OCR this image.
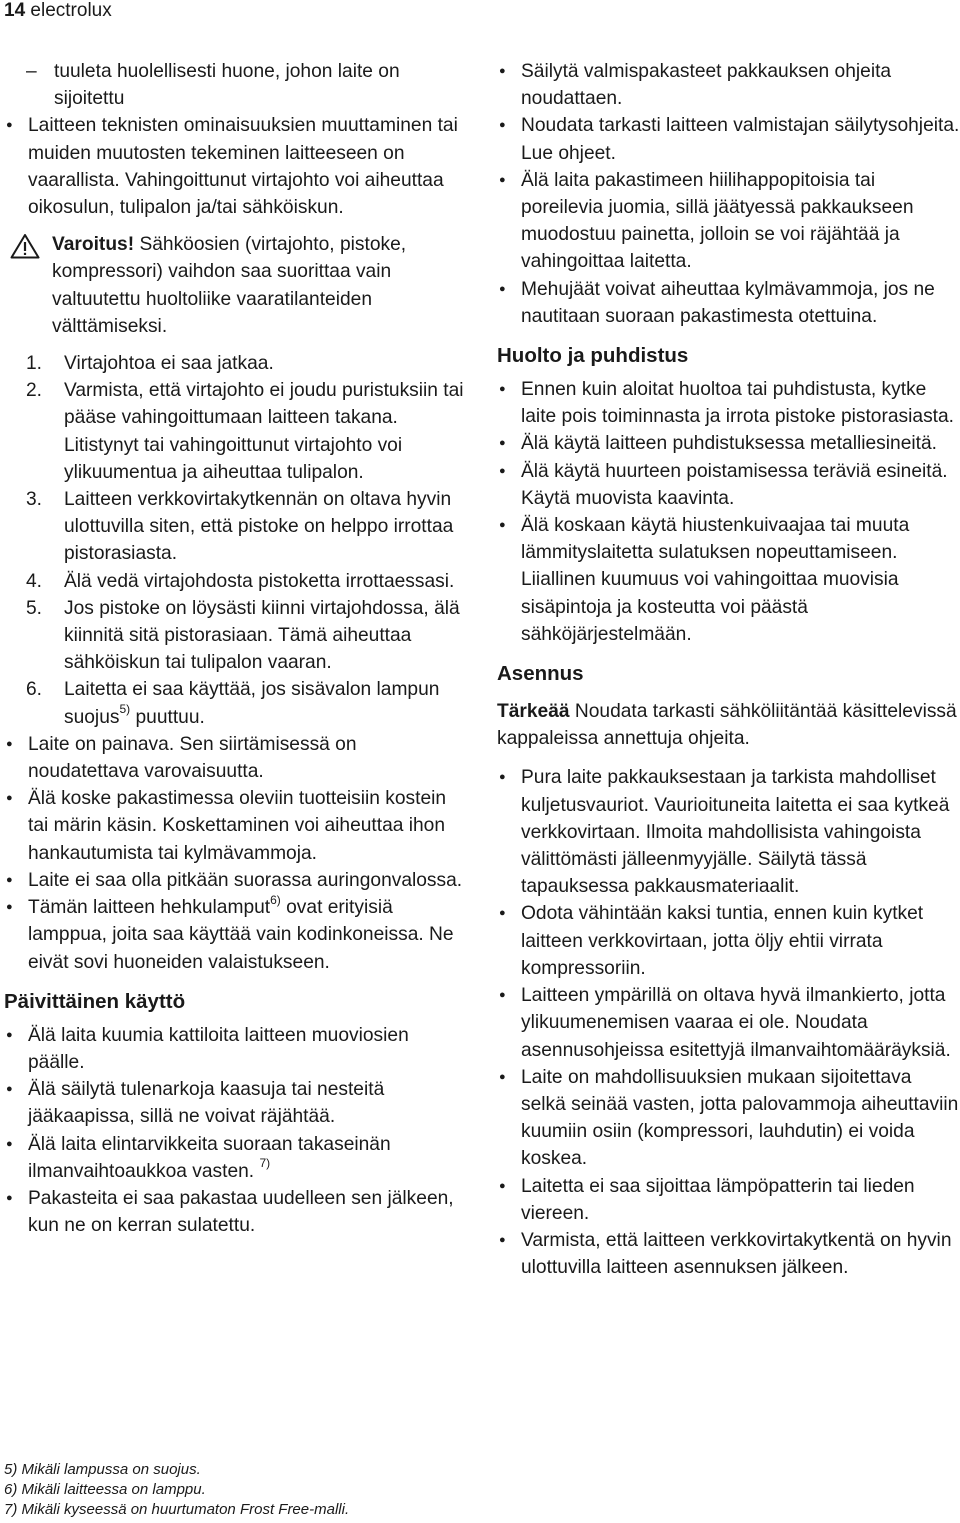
14 electrolux
– tuuleta huolellisesti huone, johon laite on sijoitettu
Laitteen teknisten ominaisuuksien muuttaminen tai muiden muutosten tekeminen laitteeseen on vaarallista. Vahingoittunut virtajohto voi aiheuttaa oikosulun, tulipalon ja/tai sähköiskun.
Varoitus! Sähköosien (virtajohto, pistoke, kompressori) vaihdon saa suorittaa vain valtuutettu huoltoliike vaaratilanteiden välttämiseksi.
1. Virtajohtoa ei saa jatkaa.
2. Varmista, että virtajohto ei joudu puristuksiin tai pääse vahingoittumaan laitteen takana. Litistynyt tai vahingoittunut virtajohto voi ylikuumentua ja aiheuttaa tulipalon.
3. Laitteen verkkovirtakytkennän on oltava hyvin ulottuvilla siten, että pistoke on helppo irrottaa pistorasiasta.
4. Älä vedä virtajohdosta pistoketta irrottaessasi.
5. Jos pistoke on löysästi kiinni virtajohdossa, älä kiinnitä sitä pistorasiaan. Tämä aiheuttaa sähköiskun tai tulipalon vaaran.
6. Laitetta ei saa käyttää, jos sisävalon lampun suojus$^{5)}$ puuttuu.
Laite on painava. Sen siirtämisessä on noudatettava varovaisuutta.
Älä koske pakastimessa oleviin tuotteisiin kostein tai märin käsin. Koskettaminen voi aiheuttaa ihon hankautumista tai kylmävammoja.
Laite ei saa olla pitkään suorassa auringonvalossa.
Tämän laitteen hehkulamput$^{6)}$ ovat erityisiä lamppua, joita saa käyttää vain kodinkoneissa. Ne eivät sovi huoneiden valaistukseen.
Päivittäinen käyttö
Älä laita kuumia kattiloita laitteen muoviosien päälle.
Älä säilytä tulenarkoja kaasuja tai nesteitä jääkaapissa, sillä ne voivat räjähtää.
Älä laita elintarvikkeita suoraan takaseinän ilmanvaihtoaukkoa vasten. $^{7)}$
Pakasteita ei saa pakastaa uudelleen sen jälkeen, kun ne on kerran sulatettu.
Säilytä valmispakasteet pakkauksen ohjeita noudattaen.
Noudata tarkasti laitteen valmistajan säilytysohjeita. Lue ohjeet.
Älä laita pakastimeen hiilihappopitoisia tai poreilevia juomia, sillä jäätyessä pakkaukseen muodostuu painetta, jolloin se voi räjähtää ja vahingoittaa laitetta.
Mehujäät voivat aiheuttaa kylmävammoja, jos ne nautitaan suoraan pakastimesta otettuina.
Huolto ja puhdistus
Ennen kuin aloitat huoltoa tai puhdistusta, kytke laite pois toiminnasta ja irrota pistoke pistorasiasta.
Älä käytä laitteen puhdistuksessa metalliesineitä.
Älä käytä huurteen poistamisessa teräviä esineitä. Käytä muovista kaavinta.
Älä koskaan käytä hiustenkuivaajaa tai muuta lämmityslaitetta sulatuksen nopeuttamiseen. Liiallinen kuumuus voi vahingoittaa muovisia sisäpintoja ja kosteutta voi päästä sähköjärjestelmään.
Asennus
Tärkeää Noudata tarkasti sähköliitäntää käsittelevissä kappaleissa annettuja ohjeita.
Pura laite pakkauksestaan ja tarkista mahdolliset kuljetusvauriot. Vaurioituneita laitetta ei saa kytkeä verkkovirtaan. Ilmoita mahdollisista vahingoista välittömästi jälleenmyyjälle. Säilytä tässä tapauksessa pakkausmateriaalit.
Odota vähintään kaksi tuntia, ennen kuin kytket laitteen verkkovirtaan, jotta öljy ehtii virrata kompressoriin.
Laitteen ympärillä on oltava hyvä ilmankierto, jotta ylikuumenemisen vaaraa ei ole. Noudata asennusohjeissa esitettyjä ilmanvaihtomääräyksiä.
Laite on mahdollisuuksien mukaan sijoitettava selkä seinää vasten, jotta palovammoja aiheuttaviin kuumiin osiin (kompressori, lauhdutin) ei voida koskea.
Laitetta ei saa sijoittaa lämpöpatterin tai lieden viereen.
Varmista, että laitteen verkkovirtakytkentä on hyvin ulottuvilla laitteen asennuksen jälkeen.
5) Mikäli lampussa on suojus.
6) Mikäli laitteessa on lamppu.
7) Mikäli kyseessä on huurtumaton Frost Free-malli.
